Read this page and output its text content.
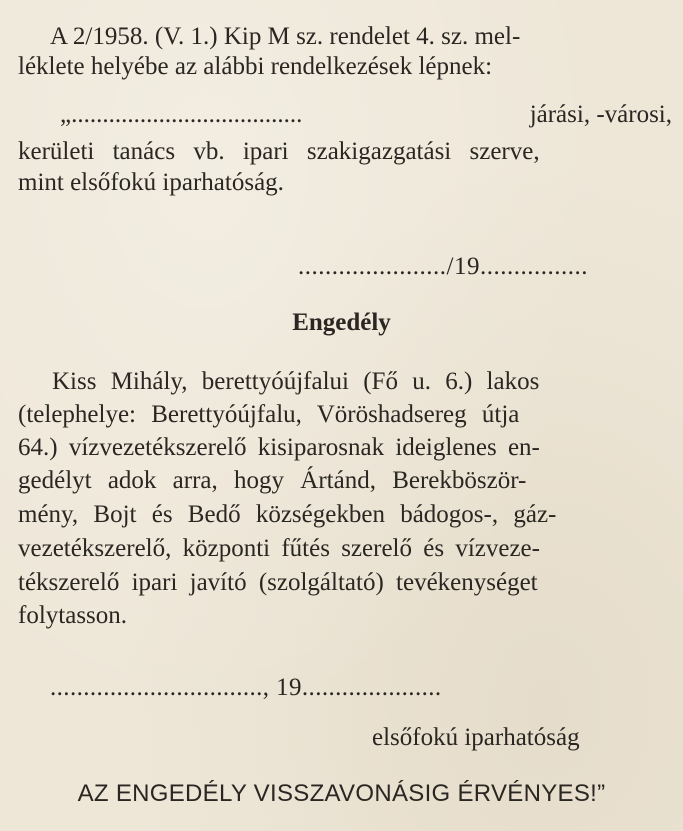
A 2/1958. (V. 1.) Kip M sz. rendelet 4. sz. mel-
léklete helyébe az alábbi rendelkezések lépnek:
„.....................................	járási, -városi,
kerületi tanács vb. ipari szakigazgatási szerve,
mint elsőfokú iparhatóság.
....................../19................
Engedély
Kiss Mihály, berettyóújfalui (Fő u. 6.) lakos
(telephelye: Berettyóújfalu, Vöröshadsereg útja
64.) vízvezetékszerelő kisiparosnak ideiglenes en-
gedélyt adok arra, hogy Ártánd, Berekböször-
mény, Bojt és Bedő községekben bádogos-, gáz-
vezetékszerelő, központi fűtés szerelő és vízveze-
tékszerelő ipari javító (szolgáltató) tevékenységet
folytasson.
................................, 19.....................
elsőfokú iparhatóság
AZ ENGEDÉLY VISSZAVONÁSIG ÉRVÉNYES!”
